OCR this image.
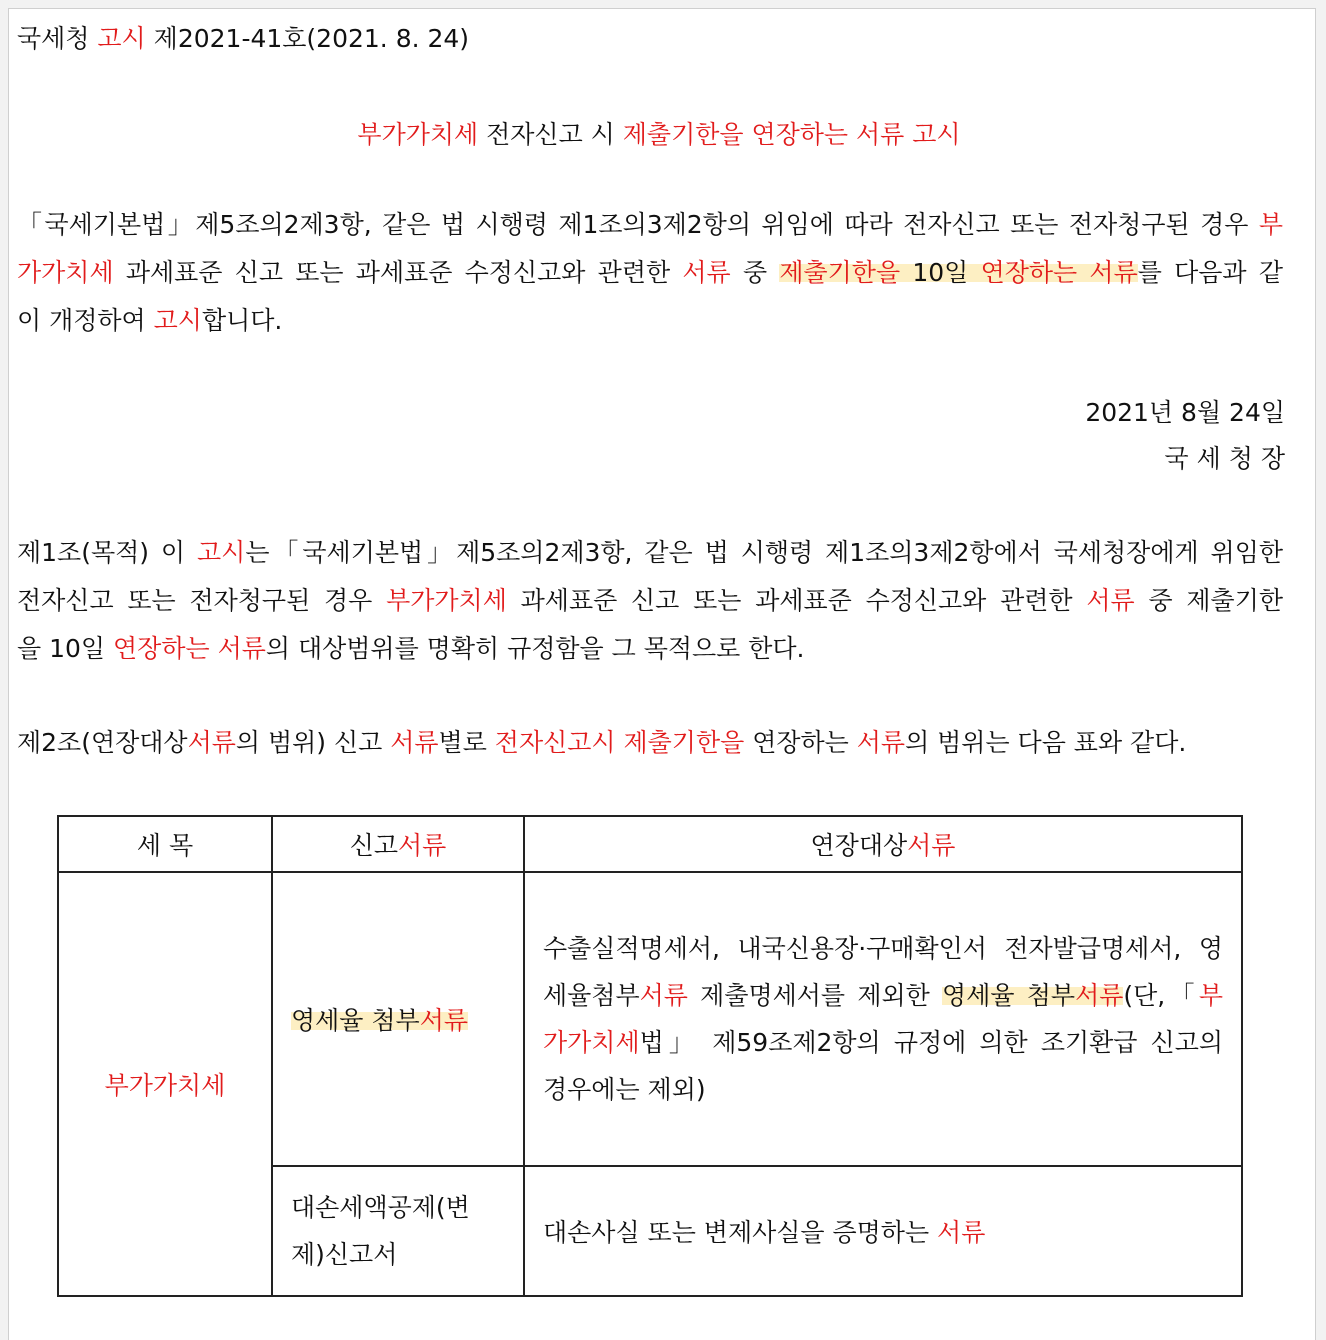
국세청 고시 제2021-41호(2021. 8. 24)
부가가치세 전자신고 시 제출기한을 연장하는 서류 고시
「국세기본법」제5조의2제3항, 같은 법 시행령 제1조의3제2항의 위임에 따라 전자신고 또는 전자청구된 경우 부
가가치세 과세표준 신고 또는 과세표준 수정신고와 관련한 서류 중 제출기한을 10일 연장하는 서류를 다음과 같
이 개정하여 고시합니다.
2021년 8월 24일
국 세 청 장
제1조(목적) 이 고시는「국세기본법」제5조의2제3항, 같은 법 시행령 제1조의3제2항에서 국세청장에게 위임한
전자신고 또는 전자청구된 경우 부가가치세 과세표준 신고 또는 과세표준 수정신고와 관련한 서류 중 제출기한
을 10일 연장하는 서류의 대상범위를 명확히 규정함을 그 목적으로 한다.
제2조(연장대상서류의 범위) 신고 서류별로 전자신고시 제출기한을 연장하는 서류의 범위는 다음 표와 같다.
세 목	신고서류	연장대상서류
부가가치세	영세율 첨부서류	수출실적명세서, 내국신용장·구매확인서 전자발급명세서, 영
세율첨부서류 제출명세서를 제외한 영세율 첨부서류(단,「부
가가치세법」 제59조제2항의 규정에 의한 조기환급 신고의
경우에는 제외)

	대손세액공제(변
제)신고서	대손사실 또는 변제사실을 증명하는 서류
